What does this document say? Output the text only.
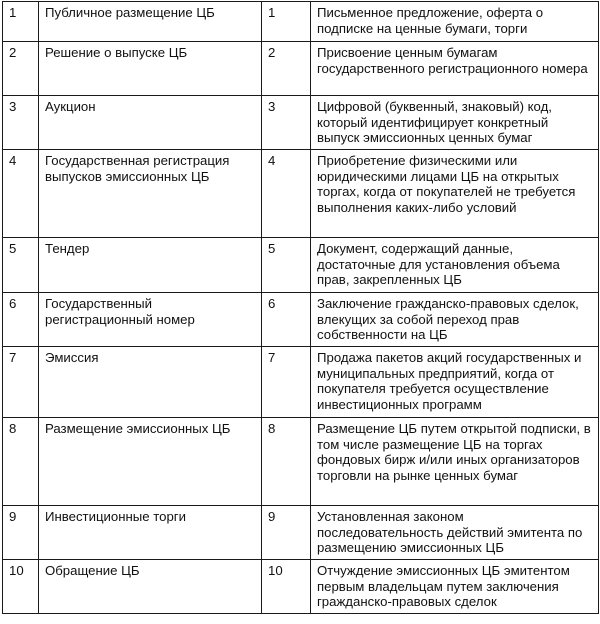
1	Публичное размещение ЦБ	1	Письменное предложение, оферта о подписке на ценные бумаги, торги
2	Решение о выпуске ЦБ	2	Присвоение ценным бумагам государственного регистрационного номера
3	Аукцион	3	Цифровой (буквенный, знаковый) код, который идентифицирует конкретный выпуск эмиссионных ценных бумаг
4	Государственная регистрация выпусков эмиссионных ЦБ	4	Приобретение физическими или юридическими лицами ЦБ на открытых торгах, когда от покупателей не требуется выполнения каких-либо условий
5	Тендер	5	Документ, содержащий данные, достаточные для установления объема прав, закрепленных ЦБ
6	Государственный регистрационный номер	6	Заключение гражданско-правовых сделок, влекущих за собой переход прав собственности на ЦБ
7	Эмиссия	7	Продажа пакетов акций государственных и муниципальных предприятий, когда от покупателя требуется осуществление инвестиционных программ
8	Размещение эмиссионных ЦБ	8	Размещение ЦБ путем открытой подписки, в том числе размещение ЦБ на торгах фондовых бирж и/или иных организаторов торговли на рынке ценных бумаг
9	Инвестиционные торги	9	Установленная законом последовательность действий эмитента по размещению эмиссионных ЦБ
10	Обращение ЦБ	10	Отчуждение эмиссионных ЦБ эмитентом первым владельцам путем заключения гражданско-правовых сделок
